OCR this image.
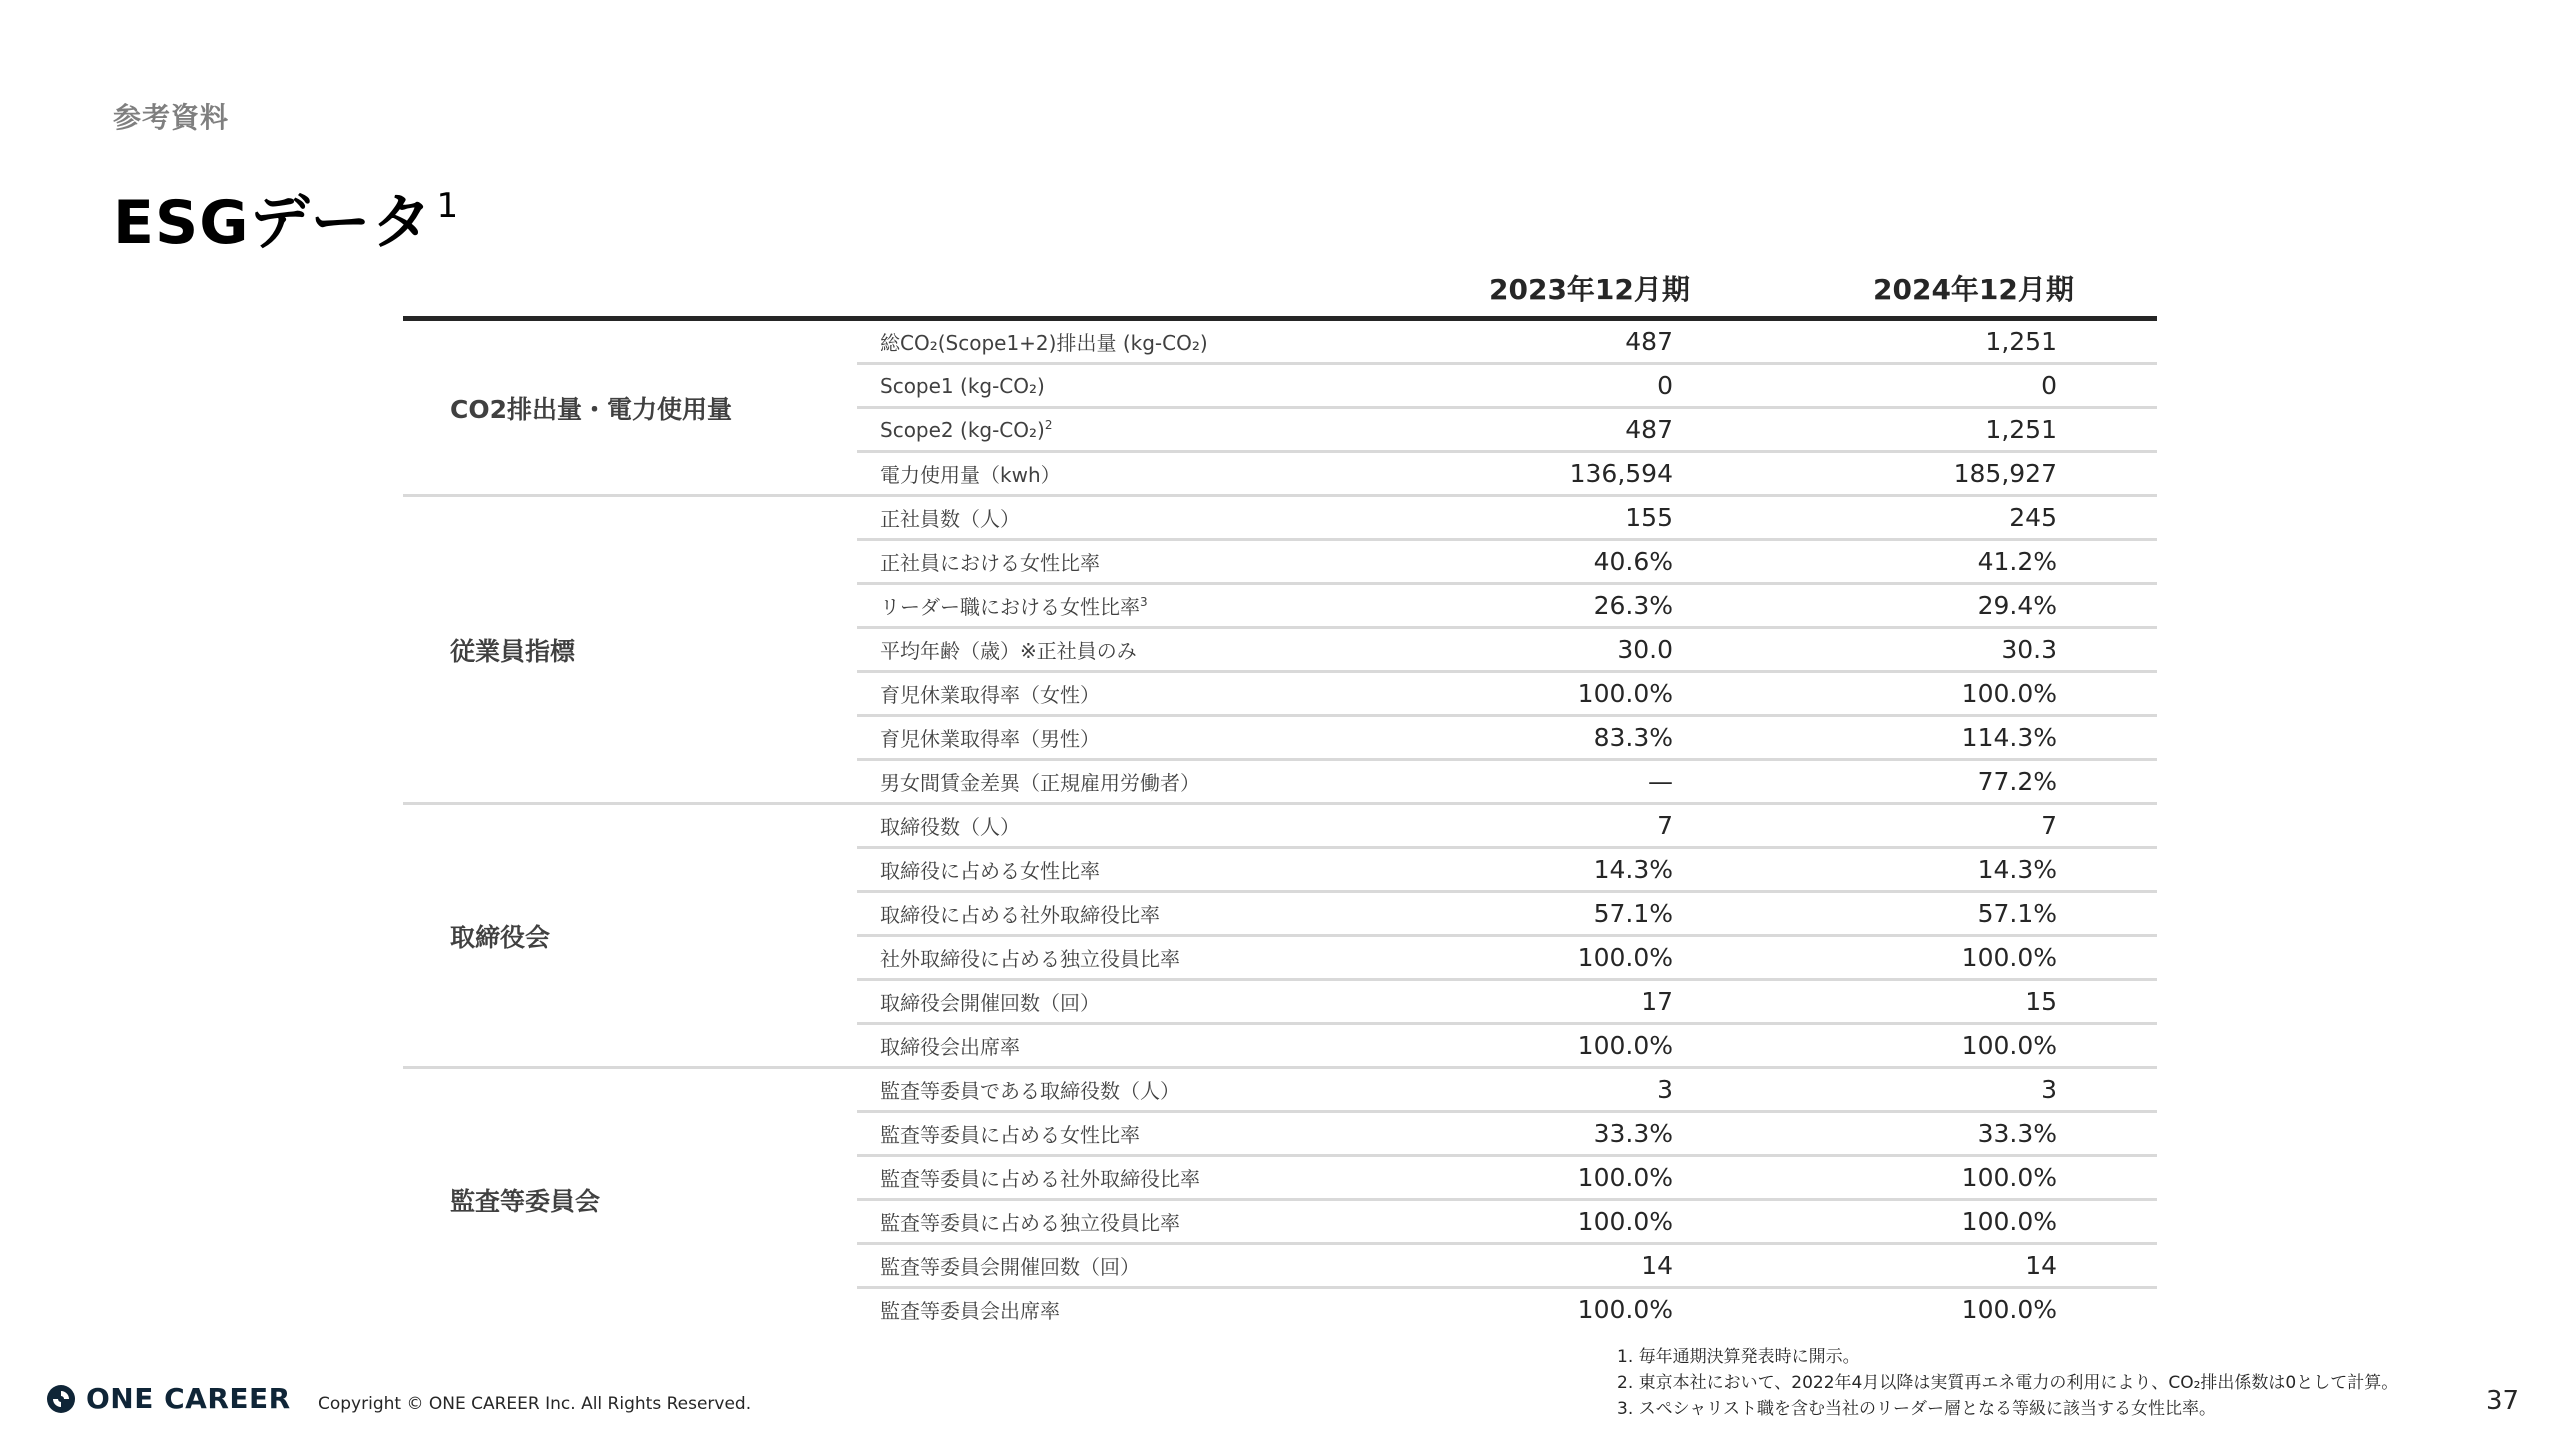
参考資料
ESGデータ $^1$
2023年12月期	2024年12月期
CO2排出量・電力使用量
総CO₂(Scope1+2)排出量 (kg-CO₂)	487	1,251
Scope1 (kg-CO₂)	0	0
Scope2 $(kg-CO_2)^2$	487	1,251
電力使用量（kwh）	136,594	185,927
従業員指標
正社員数（人）	155	245
正社員における女性比率	40.6%	41.2%
リーダー職における女性比率$^3$	26.3%	29.4%
平均年齢（歳）※正社員のみ	30.0	30.3
育児休業取得率（女性）	100.0%	100.0%
育児休業取得率（男性）	83.3%	114.3%
男女間賃金差異（正規雇用労働者）	—	77.2%
取締役会
取締役数（人）	7	7
取締役に占める女性比率	14.3%	14.3%
取締役に占める社外取締役比率	57.1%	57.1%
社外取締役に占める独立役員比率	100.0%	100.0%
取締役会開催回数（回）	17	15
取締役会出席率	100.0%	100.0%
監査等委員会
監査等委員である取締役数（人）	3	3
監査等委員に占める女性比率	33.3%	33.3%
監査等委員に占める社外取締役比率	100.0%	100.0%
監査等委員に占める独立役員比率	100.0%	100.0%
監査等委員会開催回数（回）	14	14
監査等委員会出席率	100.0%	100.0%
1. 毎年通期決算発表時に開示。
2. 東京本社において、2022年4月以降は実質再エネ電力の利用により、CO₂排出係数は0として計算。
3. スペシャリスト職を含む当社のリーダー層となる等級に該当する女性比率。
ONE CAREER Copyright © ONE CAREER Inc. All Rights Reserved.	37
